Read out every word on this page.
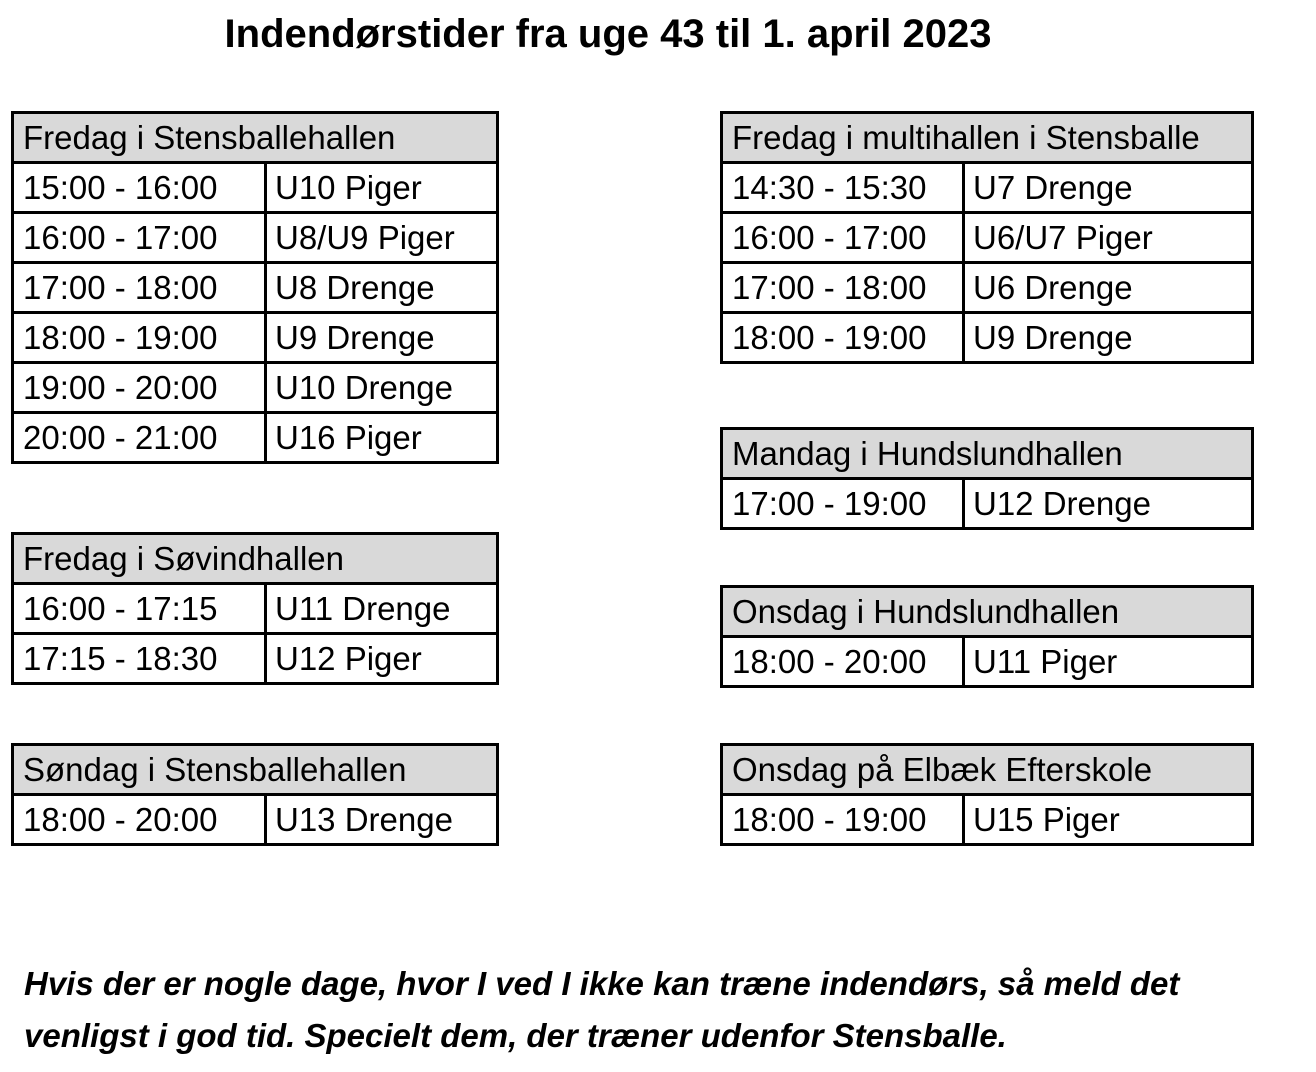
Indendørstider fra uge 43 til 1. april 2023
Fredag i Stensballehallen	
15:00 - 16:00	U10 Piger
16:00 - 17:00	U8/U9 Piger
17:00 - 18:00	U8 Drenge
18:00 - 19:00	U9 Drenge
19:00 - 20:00	U10 Drenge
20:00 - 21:00	U16 Piger
Fredag i Søvindhallen	
16:00 - 17:15	U11 Drenge
17:15 - 18:30	U12 Piger
Søndag i Stensballehallen
18:00 - 20:00	U13 Drenge
Fredag i multihallen i Stensballe	
14:30 - 15:30	U7 Drenge
16:00 - 17:00	U6/U7 Piger
17:00 - 18:00	U6 Drenge
18:00 - 19:00	U9 Drenge
Mandag i Hundslundhallen
17:00 - 19:00	U12 Drenge
Onsdag i Hundslundhallen
18:00 - 20:00	U11 Piger
Onsdag på Elbæk Efterskole
18:00 - 19:00	U15 Piger

Hvis der er nogle dage, hvor I ved I ikke kan træne indendørs, så meld det

venligst i god tid. Specielt dem, der træner udenfor Stensballe.
